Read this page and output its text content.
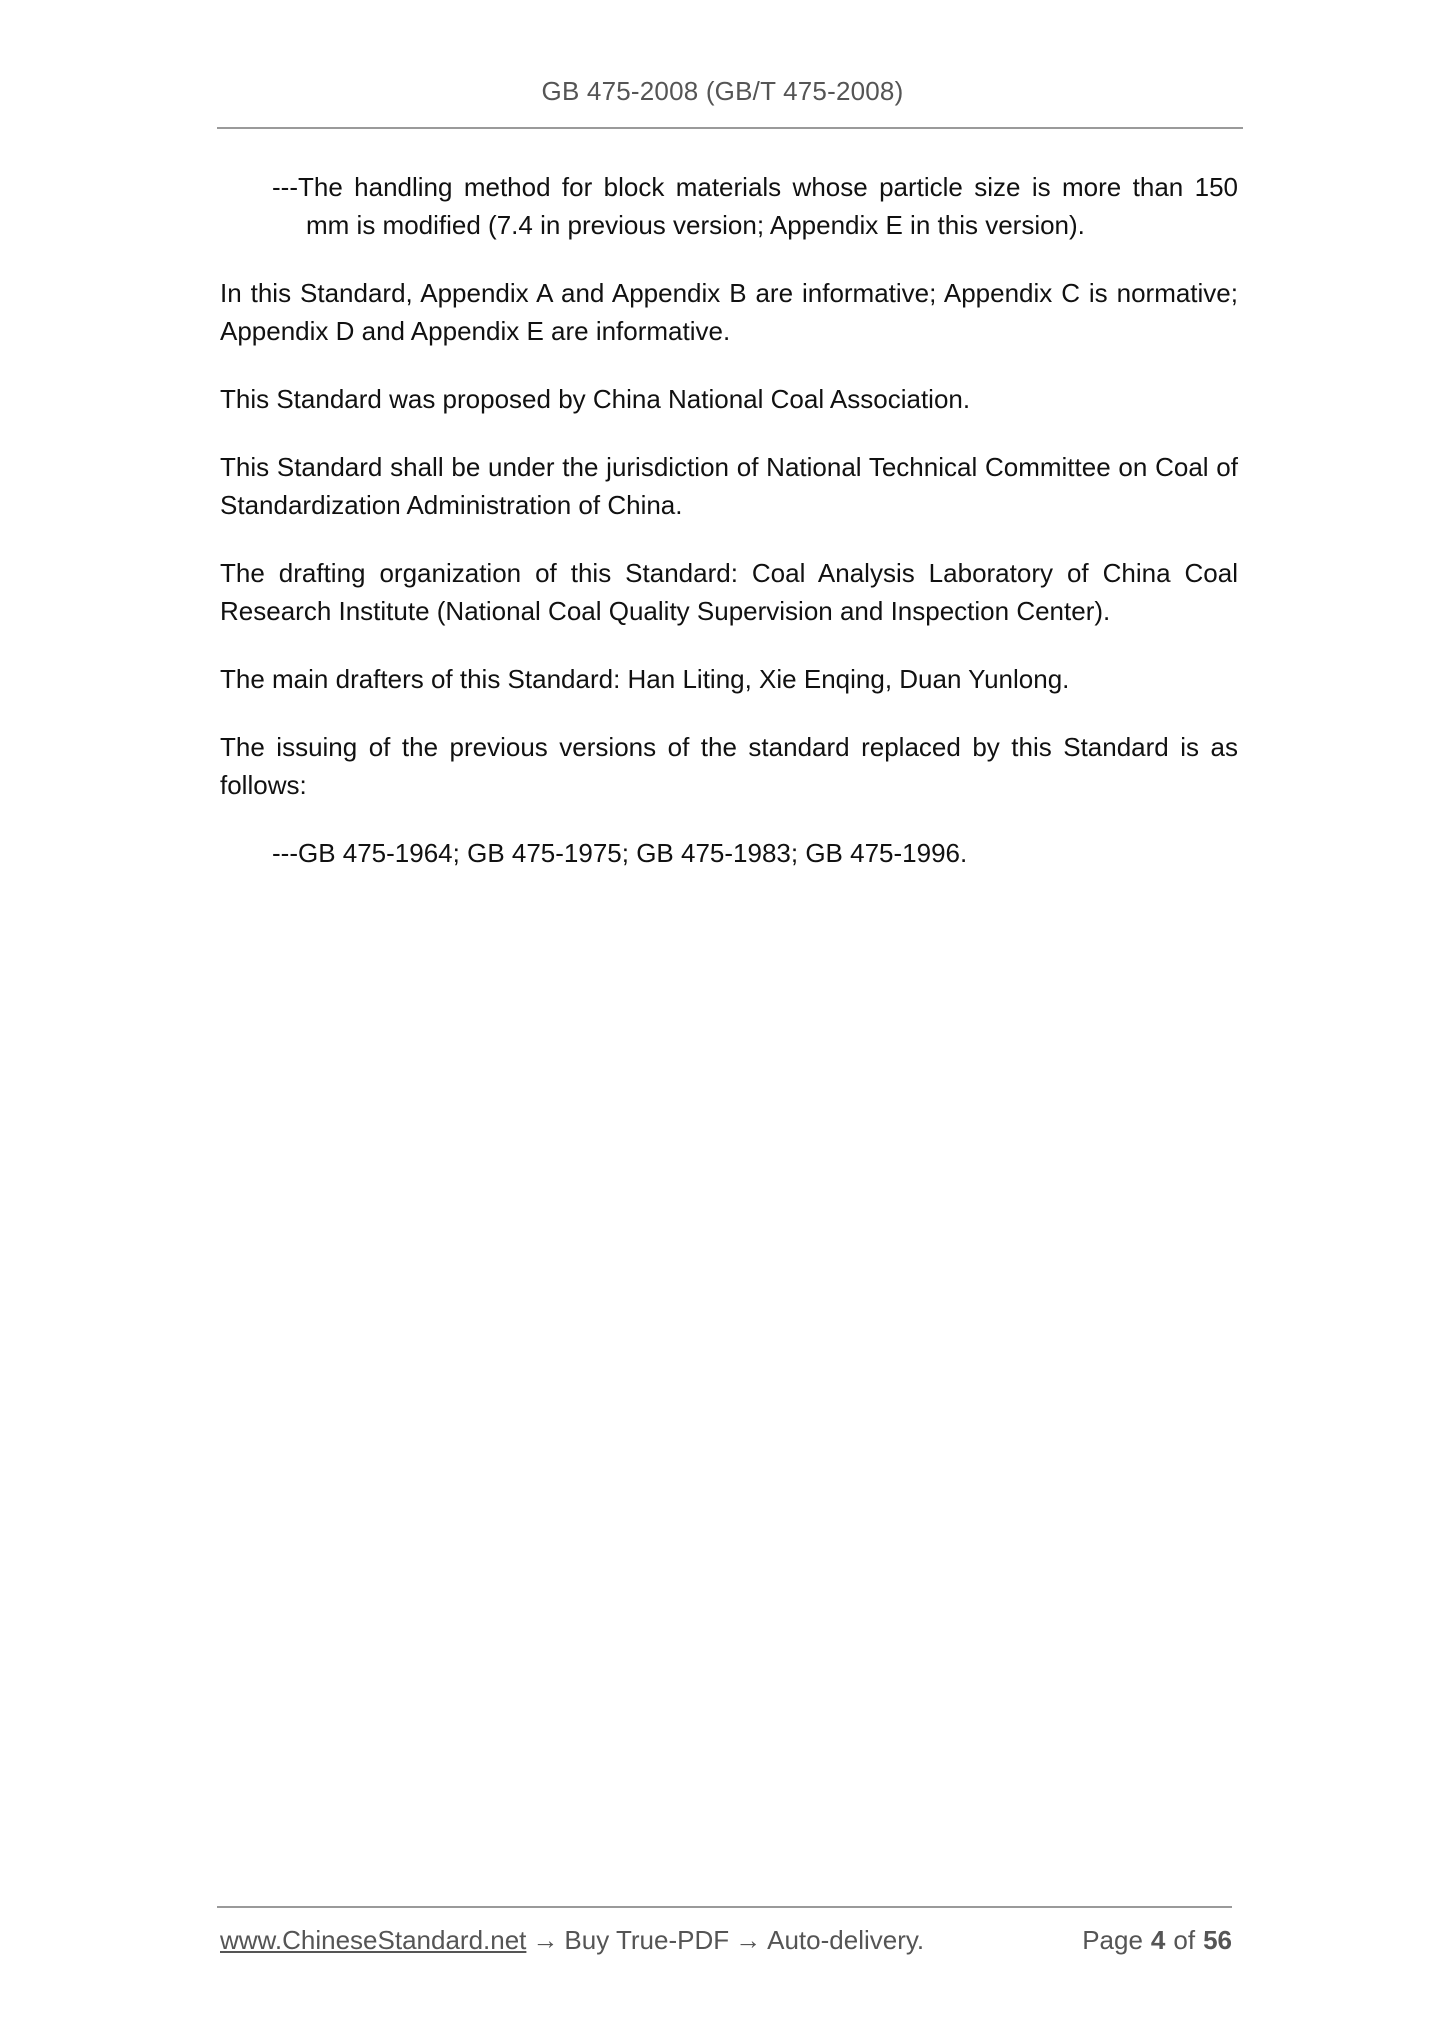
GB 475-2008 (GB/T 475-2008)

---The handling method for block materials whose particle size is more than 150 mm is modified (7.4 in previous version; Appendix E in this version).

In this Standard, Appendix A and Appendix B are informative; Appendix C is normative; Appendix D and Appendix E are informative.

This Standard was proposed by China National Coal Association.

This Standard shall be under the jurisdiction of National Technical Committee on Coal of Standardization Administration of China.

The drafting organization of this Standard: Coal Analysis Laboratory of China Coal Research Institute (National Coal Quality Supervision and Inspection Center).

The main drafters of this Standard: Han Liting, Xie Enqing, Duan Yunlong.

The issuing of the previous versions of the standard replaced by this Standard is as follows:

---GB 475-1964; GB 475-1975; GB 475-1983; GB 475-1996.

www.ChineseStandard.net → Buy True-PDF → Auto-delivery.	Page 4 of 56
